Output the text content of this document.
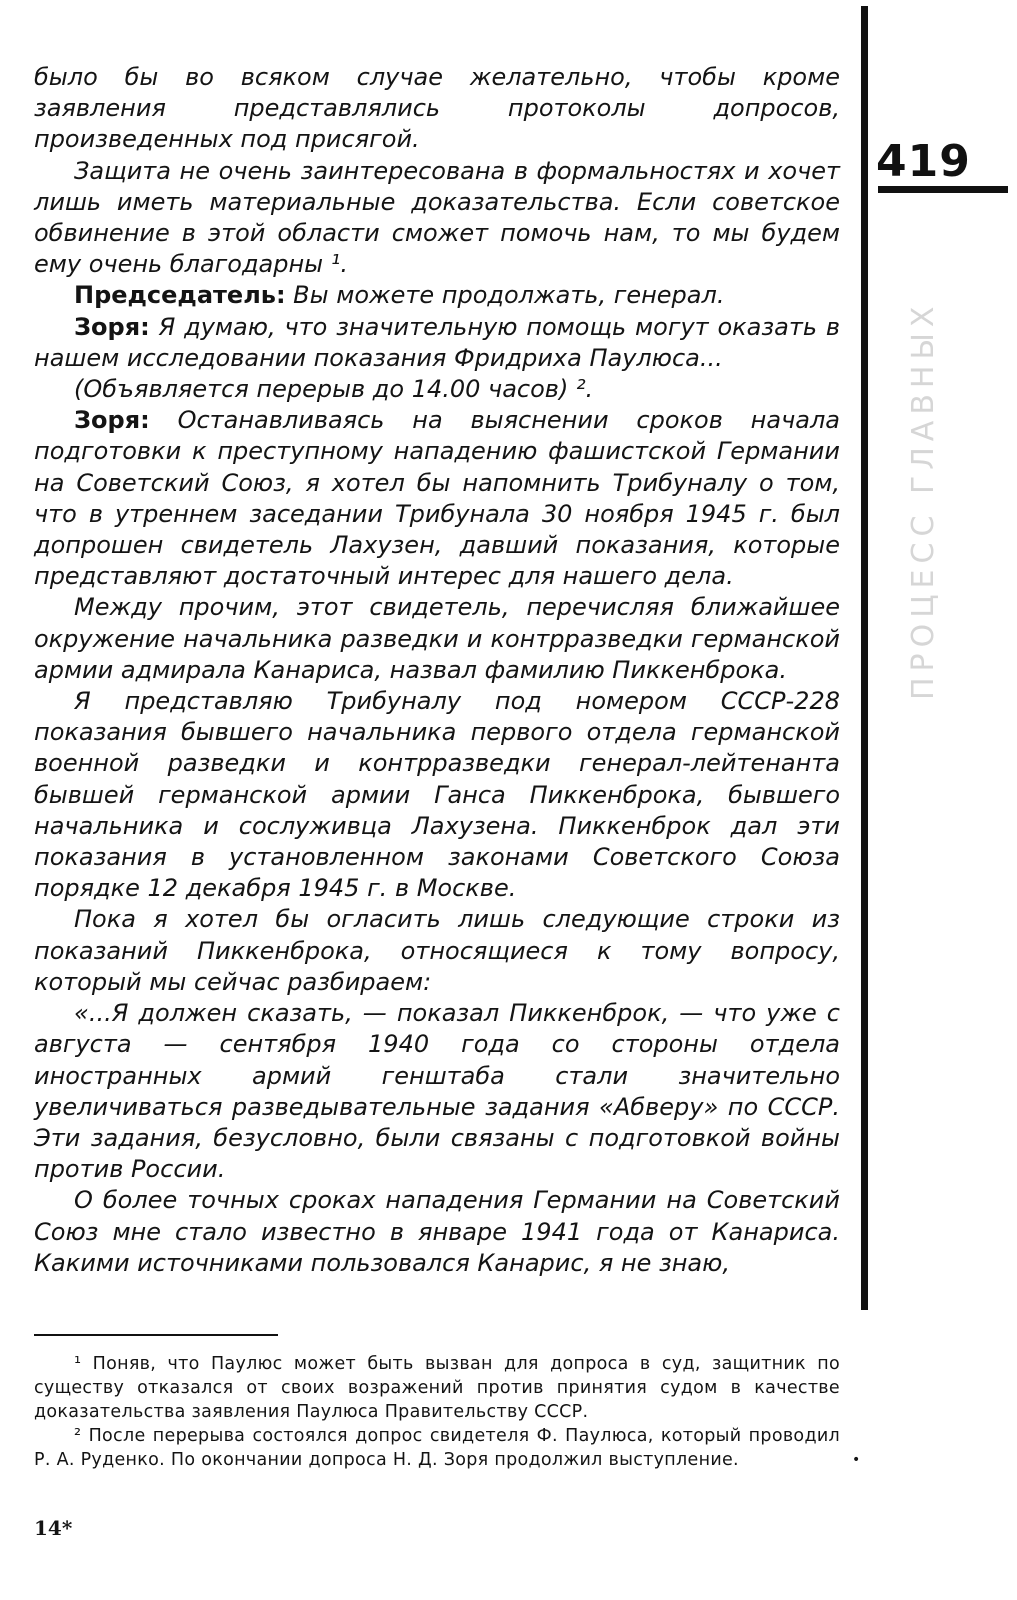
419
ПРОЦЕСС ГЛАВНЫХ

было бы во всяком случае желательно, чтобы кроме заявления представлялись протоколы допросов, произведенных под присягой.

Защита не очень заинтересована в формальностях и хочет лишь иметь материальные доказательства. Если советское обвинение в этой области сможет помочь нам, то мы будем ему очень благодарны ¹.

Председатель: Вы можете продолжать, генерал.

Зоря: Я думаю, что значительную помощь могут оказать в нашем исследовании показания Фридриха Паулюса...

(Объявляется перерыв до 14.00 часов) ².

Зоря: Останавливаясь на выяснении сроков начала подготовки к преступному нападению фашистской Германии на Советский Союз, я хотел бы напомнить Трибуналу о том, что в утреннем заседании Трибунала 30 ноября 1945 г. был допрошен свидетель Лахузен, давший показания, которые представляют достаточный интерес для нашего дела.

Между прочим, этот свидетель, перечисляя ближайшее окружение начальника разведки и контрразведки германской армии адмирала Канариса, назвал фамилию Пиккенброка.

Я представляю Трибуналу под номером СССР-228 показания бывшего начальника первого отдела германской военной разведки и контрразведки генерал-лейтенанта бывшей германской армии Ганса Пиккенброка, бывшего начальника и сослуживца Лахузена. Пиккенброк дал эти показания в установленном законами Советского Союза порядке 12 декабря 1945 г. в Москве.

Пока я хотел бы огласить лишь следующие строки из показаний Пиккенброка, относящиеся к тому вопросу, который мы сейчас разбираем:

«...Я должен сказать, — показал Пиккенброк, — что уже с августа — сентября 1940 года со стороны отдела иностранных армий генштаба стали значительно увеличиваться разведывательные задания «Абверу» по СССР. Эти задания, безусловно, были связаны с подготовкой войны против России.

О более точных сроках нападения Германии на Советский Союз мне стало известно в январе 1941 года от Канариса. Какими источниками пользовался Канарис, я не знаю,

¹ Поняв, что Паулюс может быть вызван для допроса в суд, защитник по существу отказался от своих возражений против принятия судом в качестве доказательства заявления Паулюса Правительству СССР.

² После перерыва состоялся допрос свидетеля Ф. Паулюса, который проводил Р. А. Руденко. По окончании допроса Н. Д. Зоря продолжил выступление.	•
14*
